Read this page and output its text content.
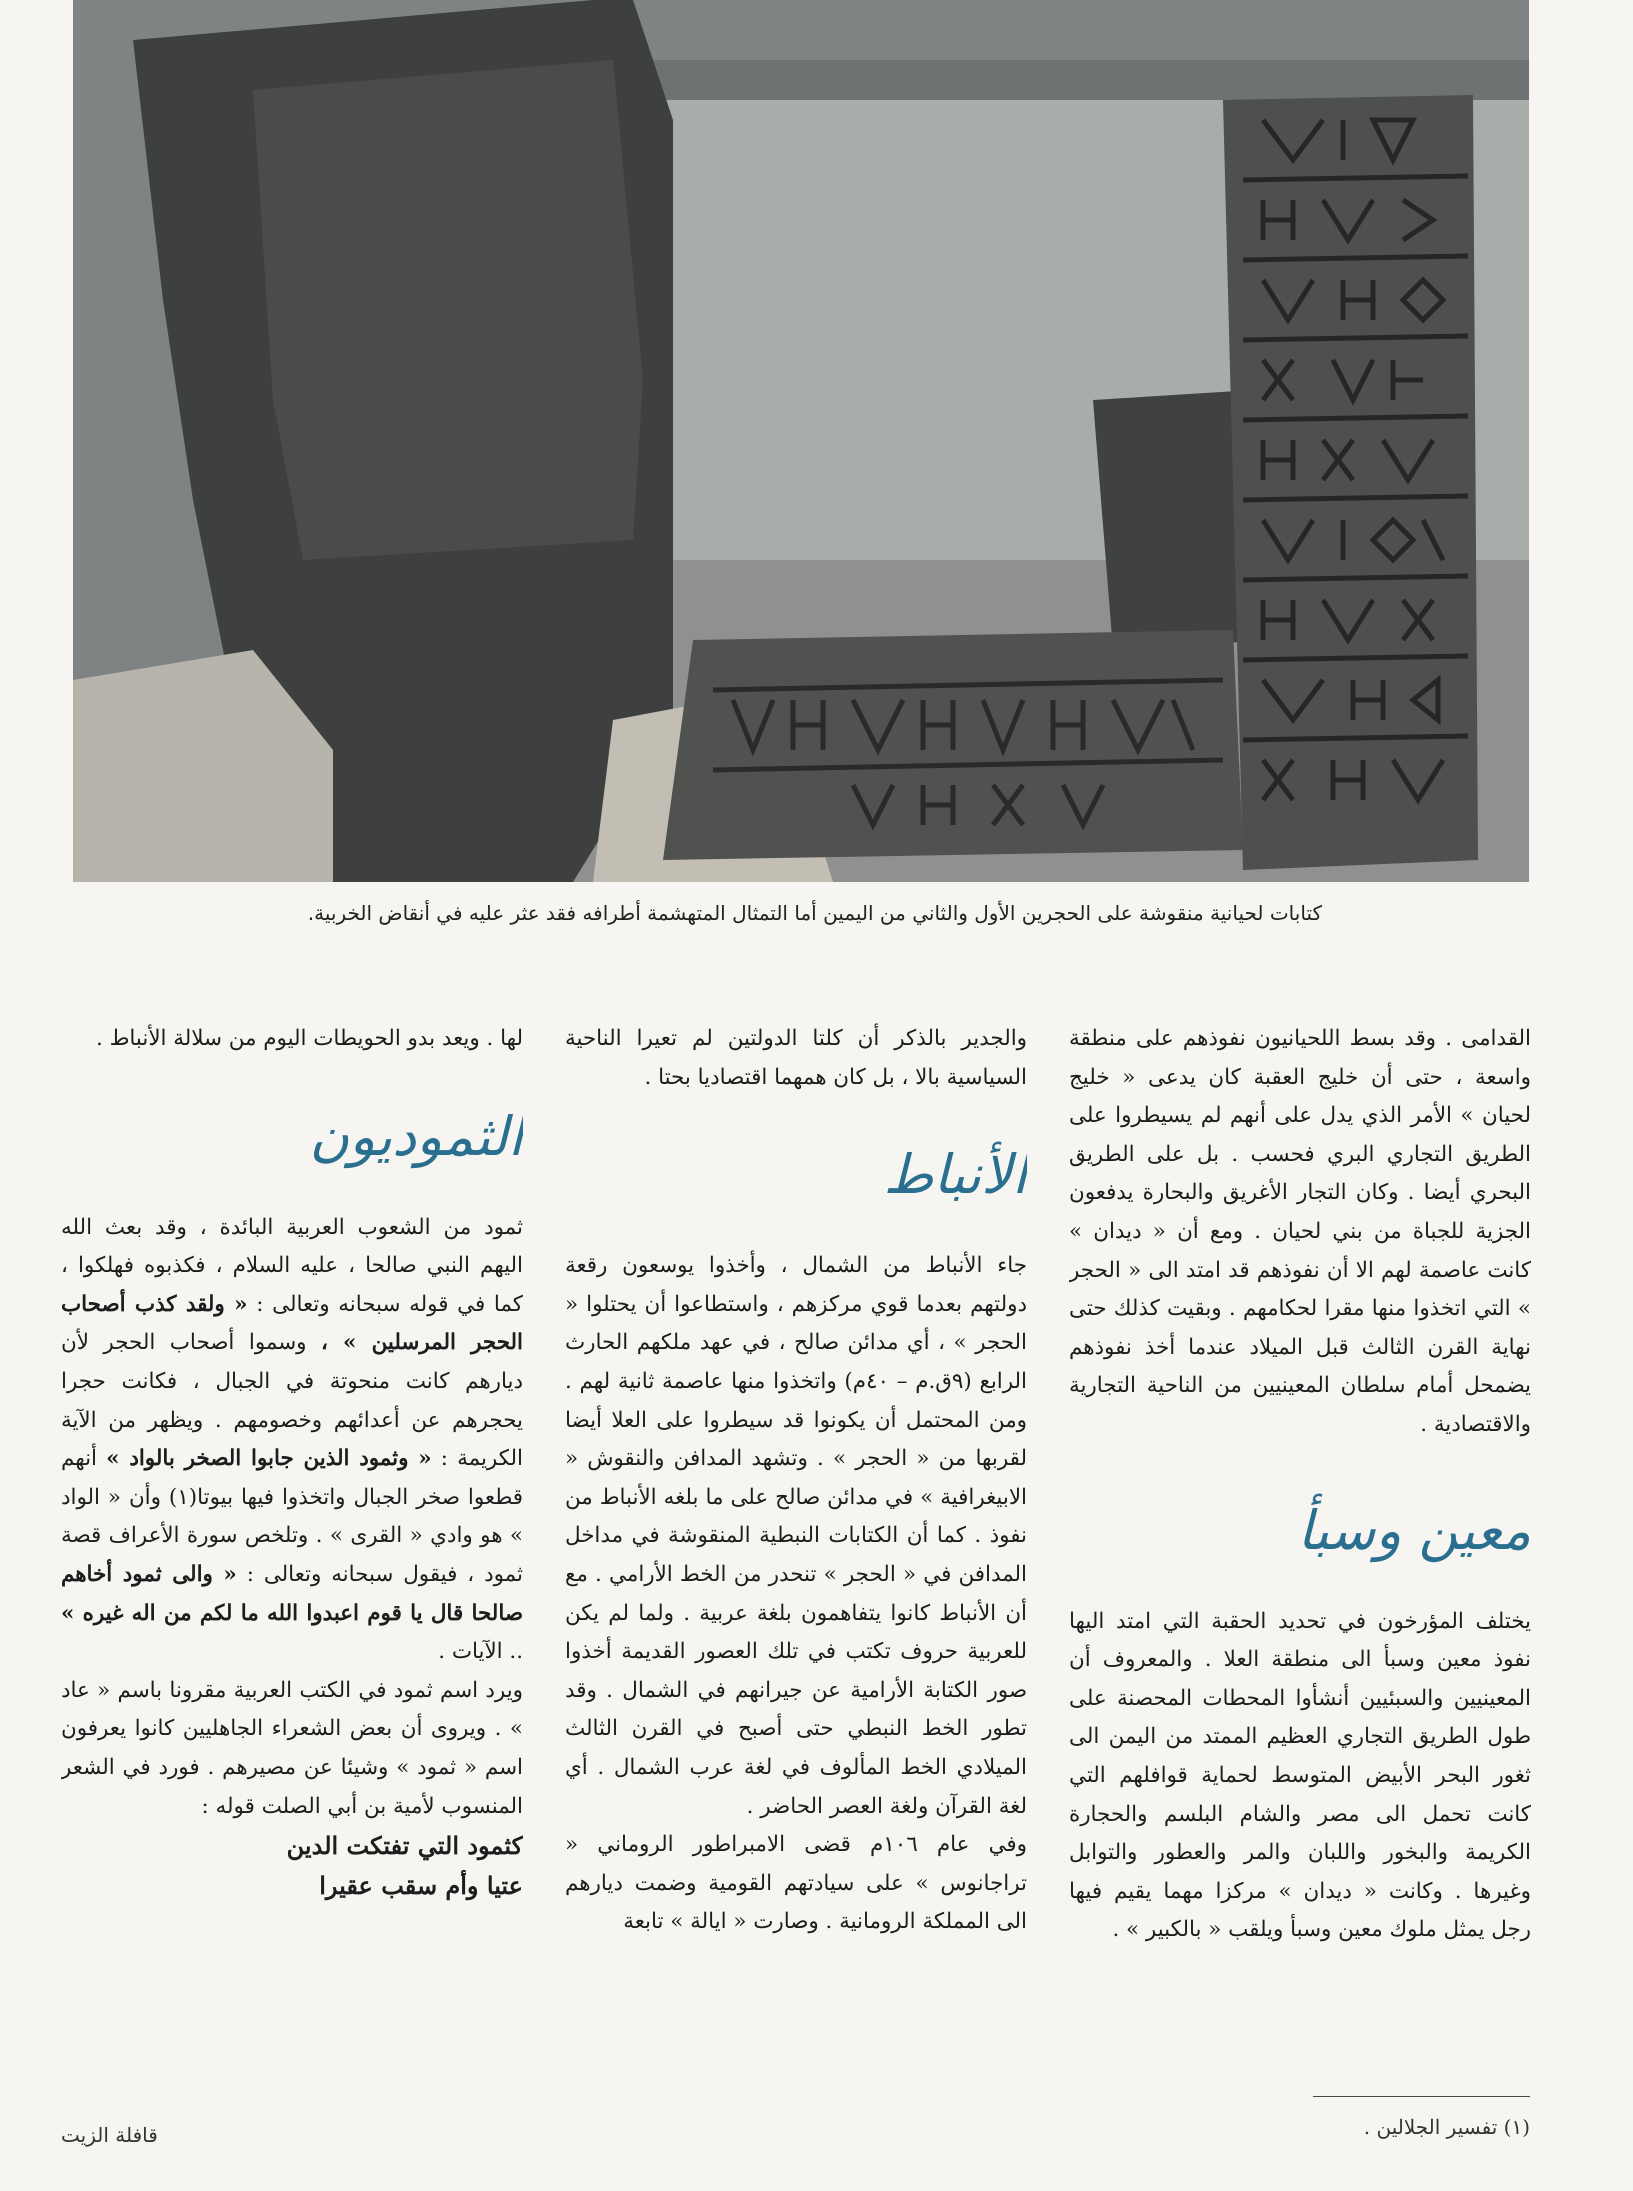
كتابات لحيانية منقوشة على الحجرين الأول والثاني من اليمين أما التمثال المتهشمة أطرافه فقد عثر عليه في أنقاض الخربية.

القدامى . وقد بسط اللحيانيون نفوذهم على منطقة واسعة ، حتى أن خليج العقبة كان يدعى « خليج لحيان » الأمر الذي يدل على أنهم لم يسيطروا على الطريق التجاري البري فحسب . بل على الطريق البحري أيضا . وكان التجار الأغريق والبحارة يدفعون الجزية للجباة من بني لحيان . ومع أن « ديدان » كانت عاصمة لهم الا أن نفوذهم قد امتد الى « الحجر » التي اتخذوا منها مقرا لحكامهم . وبقيت كذلك حتى نهاية القرن الثالث قبل الميلاد عندما أخذ نفوذهم يضمحل أمام سلطان المعينيين من الناحية التجارية والاقتصادية .

معين وسبأ

يختلف المؤرخون في تحديد الحقبة التي امتد اليها نفوذ معين وسبأ الى منطقة العلا . والمعروف أن المعينيين والسبئيين أنشأوا المحطات المحصنة على طول الطريق التجاري العظيم الممتد من اليمن الى ثغور البحر الأبيض المتوسط لحماية قوافلهم التي كانت تحمل الى مصر والشام البلسم والحجارة الكريمة والبخور واللبان والمر والعطور والتوابل وغيرها . وكانت « ديدان » مركزا مهما يقيم فيها رجل يمثل ملوك معين وسبأ ويلقب « بالكبير » .

والجدير بالذكر أن كلتا الدولتين لم تعيرا الناحية السياسية بالا ، بل كان همهما اقتصاديا بحتا .

الأنباط

جاء الأنباط من الشمال ، وأخذوا يوسعون رقعة دولتهم بعدما قوي مركزهم ، واستطاعوا أن يحتلوا « الحجر » ، أي مدائن صالح ، في عهد ملكهم الحارث الرابع (٩ق.م – ٤٠م) واتخذوا منها عاصمة ثانية لهم . ومن المحتمل أن يكونوا قد سيطروا على العلا أيضا لقربها من « الحجر » . وتشهد المدافن والنقوش « الابيغرافية » في مدائن صالح على ما بلغه الأنباط من نفوذ . كما أن الكتابات النبطية المنقوشة في مداخل المدافن في « الحجر » تنحدر من الخط الأرامي . مع أن الأنباط كانوا يتفاهمون بلغة عربية . ولما لم يكن للعربية حروف تكتب في تلك العصور القديمة أخذوا صور الكتابة الأرامية عن جيرانهم في الشمال . وقد تطور الخط النبطي حتى أصبح في القرن الثالث الميلادي الخط المألوف في لغة عرب الشمال . أي لغة القرآن ولغة العصر الحاضر .

وفي عام ١٠٦م قضى الامبراطور الروماني « تراجانوس » على سيادتهم القومية وضمت ديارهم الى المملكة الرومانية . وصارت « ايالة » تابعة

لها . ويعد بدو الحويطات اليوم من سلالة الأنباط .

الثموديون

ثمود من الشعوب العربية البائدة ، وقد بعث الله اليهم النبي صالحا ، عليه السلام ، فكذبوه فهلكوا ، كما في قوله سبحانه وتعالى : « ولقد كذب أصحاب الحجر المرسلين » ، وسموا أصحاب الحجر لأن ديارهم كانت منحوتة في الجبال ، فكانت حجرا يحجرهم عن أعدائهم وخصومهم . ويظهر من الآية الكريمة : « وثمود الذين جابوا الصخر بالواد » أنهم قطعوا صخر الجبال واتخذوا فيها بيوتا(١) وأن « الواد » هو وادي « القرى » . وتلخص سورة الأعراف قصة ثمود ، فيقول سبحانه وتعالى : « والى ثمود أخاهم صالحا قال يا قوم اعبدوا الله ما لكم من اله غيره » .. الآيات .

ويرد اسم ثمود في الكتب العربية مقرونا باسم « عاد » . ويروى أن بعض الشعراء الجاهليين كانوا يعرفون اسم « ثمود » وشيئا عن مصيرهم . فورد في الشعر المنسوب لأمية بن أبي الصلت قوله :

كثمود التي تفتكت الدين
عتيا وأم سقب عقيرا
(١) تفسير الجلالين .
قافلة الزيت
